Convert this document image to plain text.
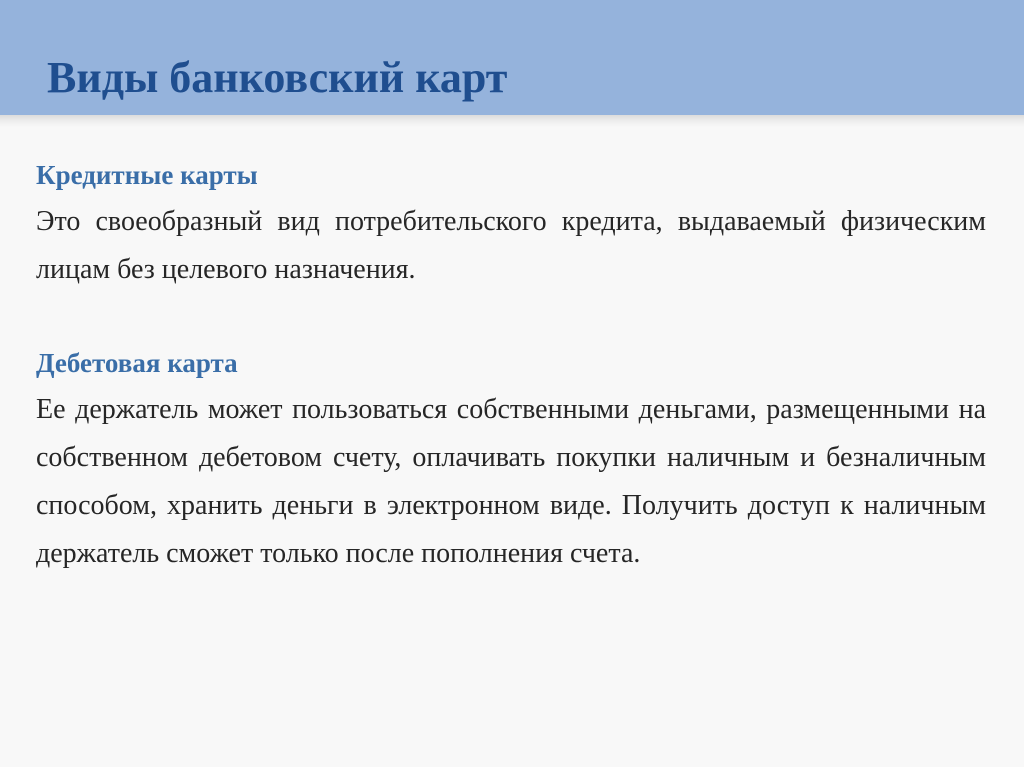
Виды банковский карт

Кредитные карты

Это своеобразный вид потребительского кредита, выдаваемый физическим лицам без целевого назначения.

Дебетовая карта

Ее держатель может пользоваться собственными деньгами, размещенными на собственном дебетовом счету, оплачивать покупки наличным и безналичным способом, хранить деньги в электронном виде. Получить доступ к наличным держатель сможет только после пополнения счета.
